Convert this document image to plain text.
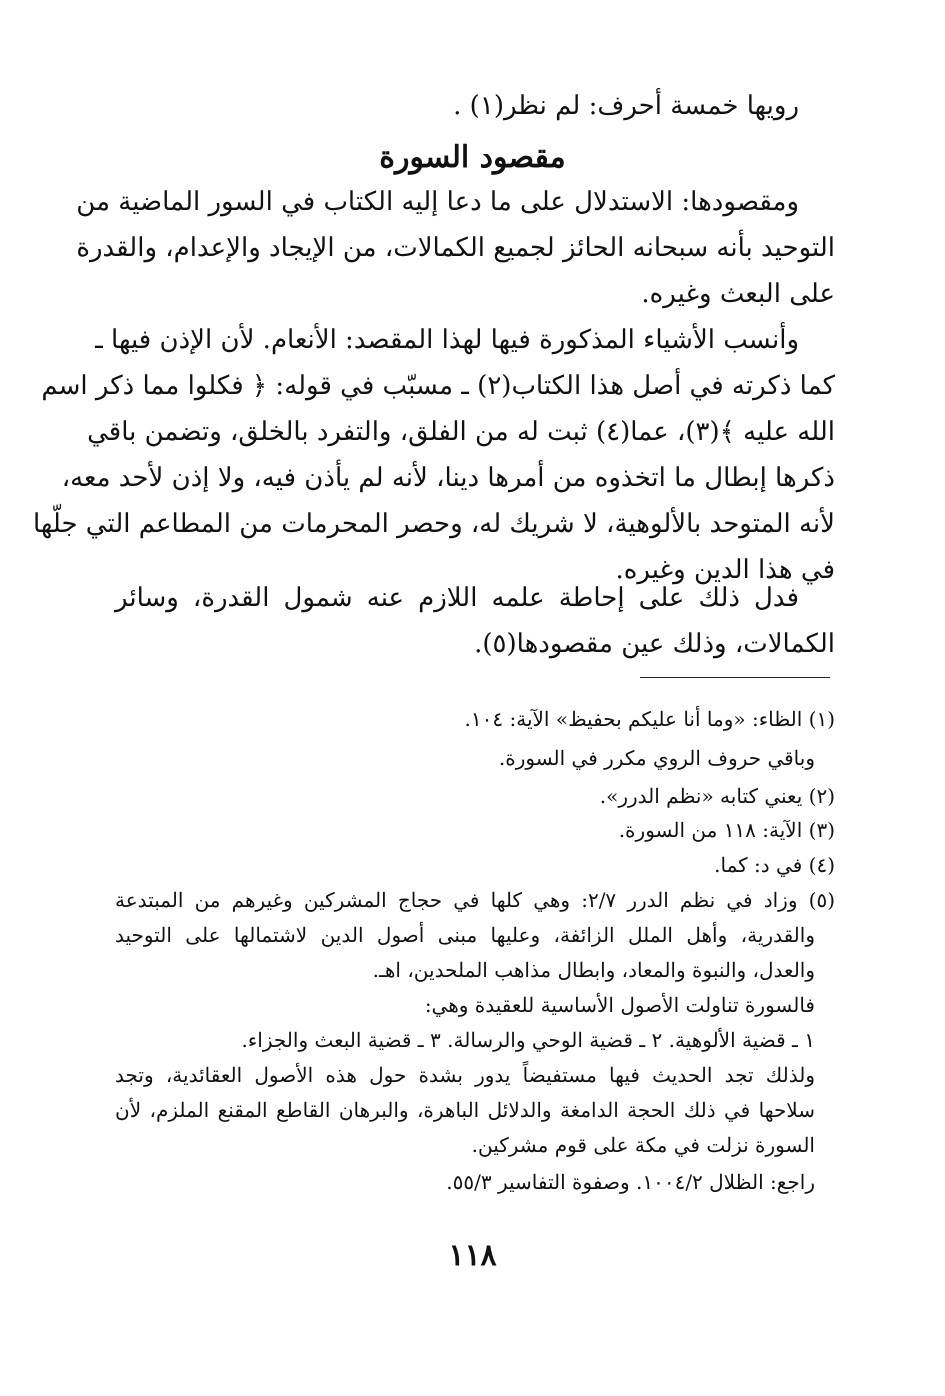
رويها خمسة أحرف: لم نظر(١) .
مقصود السورة
ومقصودها: الاستدلال على ما دعا إليه الكتاب في السور الماضية من
التوحيد بأنه سبحانه الحائز لجميع الكمالات، من الإيجاد والإعدام، والقدرة
على البعث وغيره.
وأنسب الأشياء المذكورة فيها لهذا المقصد: الأنعام. لأن الإذن فيها ـ
كما ذكرته في أصل هذا الكتاب(٢) ـ مسبّب في قوله: ﴿ فكلوا مما ذكر اسم
الله عليه ﴾(٣)، عما(٤) ثبت له من الفلق، والتفرد بالخلق، وتضمن باقي
ذكرها إبطال ما اتخذوه من أمرها دينا، لأنه لم يأذن فيه، ولا إذن لأحد معه،
لأنه المتوحد بالألوهية، لا شريك له، وحصر المحرمات من المطاعم التي جلّها
في هذا الدين وغيره.
فدل ذلك على إحاطة علمه اللازم عنه شمول القدرة، وسائر
الكمالات، وذلك عين مقصودها(٥).
(١) الظاء: «وما أنا عليكم بحفيظ» الآية: ١٠٤.
وباقي حروف الروي مكرر في السورة.
(٢) يعني كتابه «نظم الدرر».
(٣) الآية: ١١٨ من السورة.
(٤) في د: كما.
(٥) وزاد في نظم الدرر ٢/٧: وهي كلها في حجاج المشركين وغيرهم من المبتدعة
والقدرية، وأهل الملل الزائفة، وعليها مبنى أصول الدين لاشتمالها على التوحيد
والعدل، والنبوة والمعاد، وابطال مذاهب الملحدين، اهـ.
فالسورة تناولت الأصول الأساسية للعقيدة وهي:
١ ـ قضية الألوهية. ٢ ـ قضية الوحي والرسالة. ٣ ـ قضية البعث والجزاء.
ولذلك تجد الحديث فيها مستفيضاً يدور بشدة حول هذه الأصول العقائدية، وتجد
سلاحها في ذلك الحجة الدامغة والدلائل الباهرة، والبرهان القاطع المقنع الملزم، لأن
السورة نزلت في مكة على قوم مشركين.
راجع: الظلال ١٠٠٤/٢. وصفوة التفاسير ٥٥/٣.
١١٨
